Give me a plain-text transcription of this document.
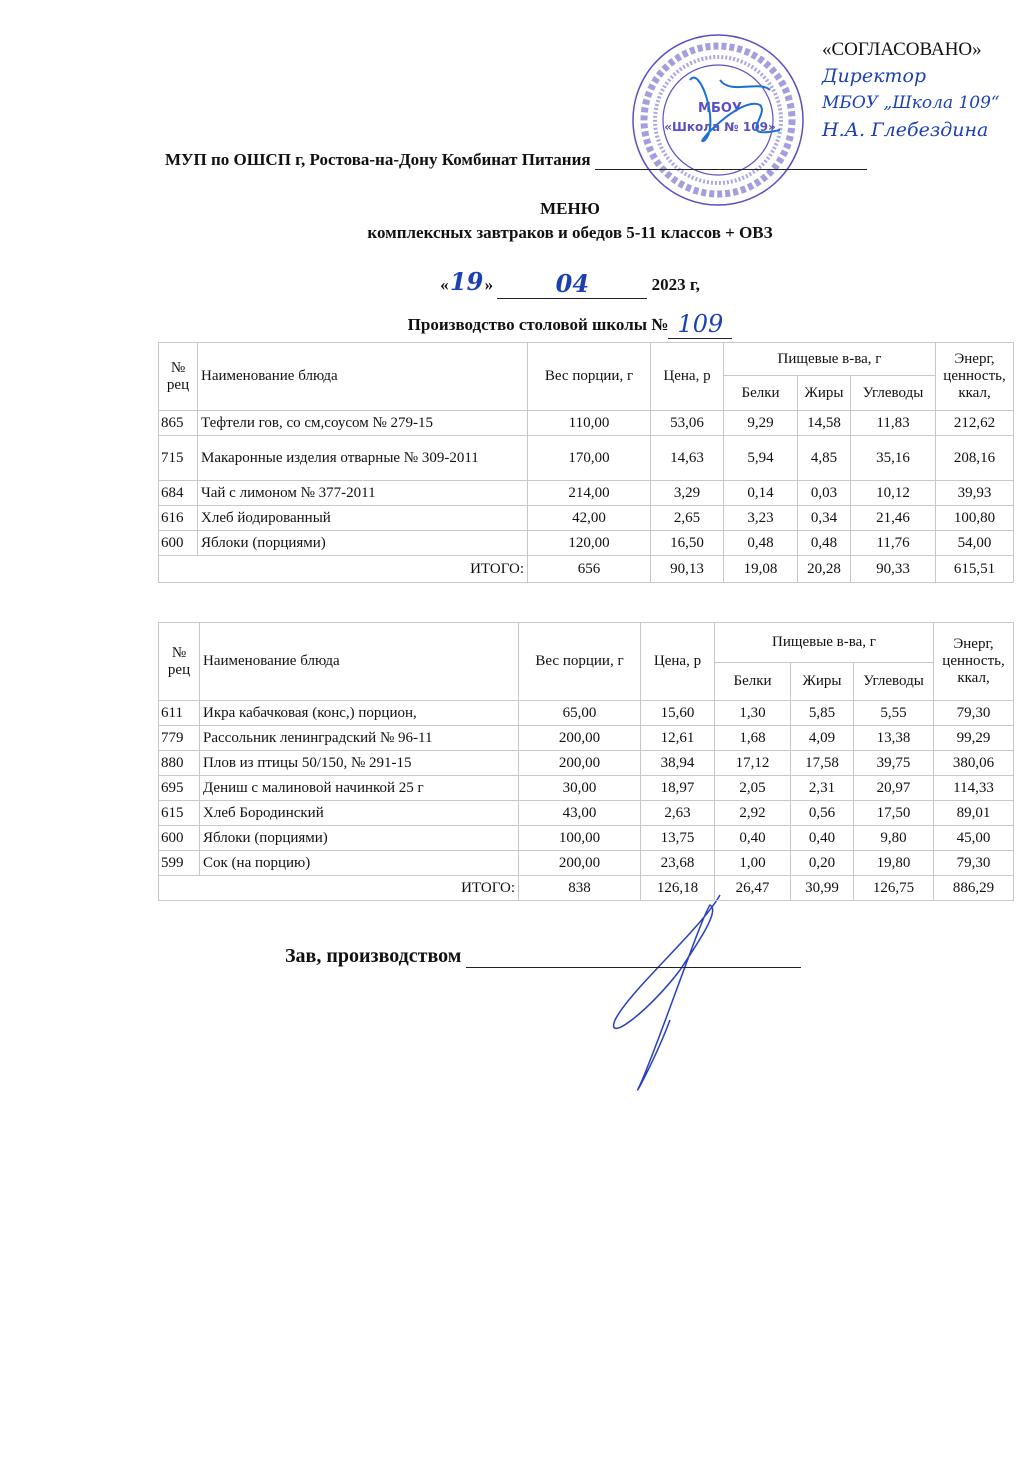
МБОУ
«Школа № 109»
«СОГЛАСОВАНО»
Директор
МБОУ „Школа 109“
Н.А. Глебездина
МУП по ОШСП г, Ростова-на-Дону Комбинат Питания
МЕНЮ
комплексных завтраков и обедов 5-11 классов + ОВЗ
«19»	04	2023 г,
Производство столовой школы № 109
№ рец	Наименование блюда	Вес порции, г	Цена, р	Пищевые в-ва, г			Энерг, ценность, ккал,
				Белки	Жиры	Углеводы	
865	Тефтели гов, со см,соусом № 279-15	110,00	53,06	9,29	14,58	11,83	212,62
715	Макаронные изделия отварные № 309-2011	170,00	14,63	5,94	4,85	35,16	208,16
684	Чай с лимоном № 377-2011	214,00	3,29	0,14	0,03	10,12	39,93
616	Хлеб йодированный	42,00	2,65	3,23	0,34	21,46	100,80
600	Яблоки (порциями)	120,00	16,50	0,48	0,48	11,76	54,00
ИТОГО:		656	90,13	19,08	20,28	90,33	615,51
№ рец	Наименование блюда	Вес порции, г	Цена, р	Пищевые в-ва, г			Энерг, ценность, ккал,
				Белки	Жиры	Углеводы	
611	Икра кабачковая (конс,) порцион,	65,00	15,60	1,30	5,85	5,55	79,30
779	Рассольник ленинградский № 96-11	200,00	12,61	1,68	4,09	13,38	99,29
880	Плов из птицы 50/150, № 291-15	200,00	38,94	17,12	17,58	39,75	380,06
695	Дениш с малиновой начинкой 25 г	30,00	18,97	2,05	2,31	20,97	114,33
615	Хлеб Бородинский	43,00	2,63	2,92	0,56	17,50	89,01
600	Яблоки (порциями)	100,00	13,75	0,40	0,40	9,80	45,00
599	Сок (на порцию)	200,00	23,68	1,00	0,20	19,80	79,30
ИТОГО:		838	126,18	26,47	30,99	126,75	886,29
Зав, производством
